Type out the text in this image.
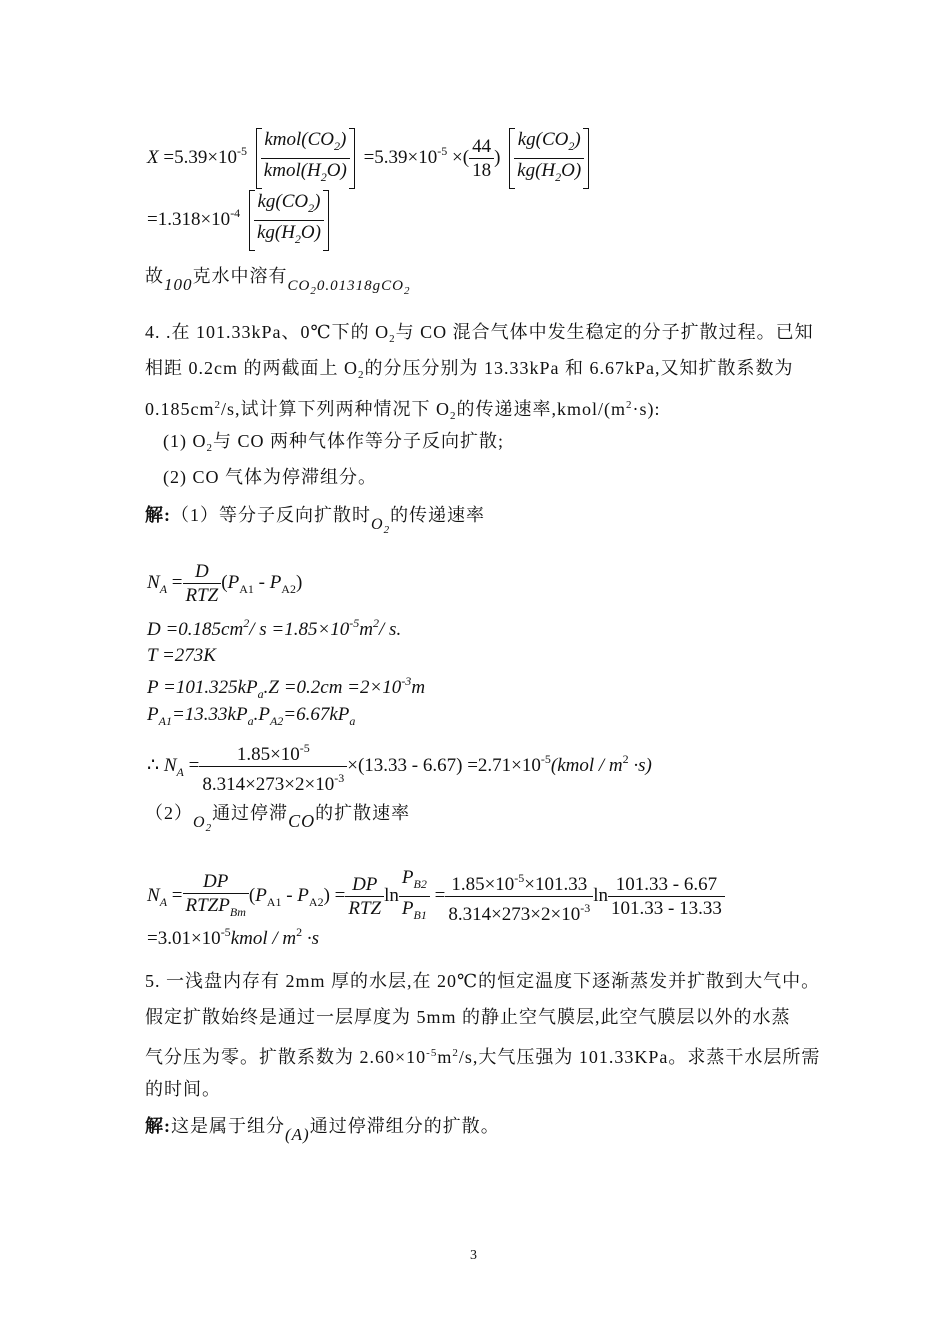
$X =5.39\times 10^{-5} \frac{kmol(CO_2)}{kmol(H_2O)} =5.39\times 10^{-5}$ ×( $\frac{44}{18}$ ) $\frac{kg(CO_2)}{kg(H_2O)}$
$=1.318\times 10^{-4} \frac{kg(CO_2)}{kg(H_2O)}$
故100克水中溶有$_{CO_20.01318gCO_2}$
4. .在 101.33kPa、0℃下的 $O_2$与 CO 混合气体中发生稳定的分子扩散过程。已知
相距 0.2cm 的两截面上 $O_2$的分压分别为 13.33kPa 和 6.67kPa,又知扩散系数为
$0.185cm^2/s$,试计算下列两种情况下 $O_2$的传递速率$,kmol/(m^2\cdot s)$:
(1) $O_2$与 CO 两种气体作等分子反向扩散;
(2) CO 气体为停滞组分。
解:（1）等分子反向扩散时$O_2$的传递速率
$N_A = \frac{D}{\text{RTZ}} (P_{A1} - P_{A2})$
$D =0.185cm^2/$ $s =1.85\times 10^{-5}m^2/$ s.
T =273K
$P =101.325kP_a.Z =0.2cm =2\times 10^{-3}m$
$P_{A1}=13.33kP_a.P_{A2}=6.67kP_a$
∴ $N_A = \frac{1.85\times 10^{-5}}{8.314\times 273\times 2\times 10^{-3}} \times(13.33 - 6.67)$ $=2.71\times 10^{-5}(kmol / m^2 \cdot s)$
$(2)O_2$通过停滞CO的扩散速率
$N_A = \frac{DP}{RTZP_{Bm}} (P_{A1} - P_{A2}) = \frac{DP}{\text{RTZ}}$ $\ln \frac{P_{B2}}{P_{B1}} = \frac{1.85\times 10^{-5}\times 101.33}{8.314\times 273\times 2\times 10^{-3}}$ $\ln \frac{101.33 - 6.67}{101.33 - 13.33}$
$=3.01\times 10^{-5}kmol / m^2 \cdot s$
5. 一浅盘内存有 2mm 厚的水层,在 20℃的恒定温度下逐渐蒸发并扩散到大气中。
假定扩散始终是通过一层厚度为 5mm 的静止空气膜层,此空气膜层以外的水蒸
气分压为零。扩散系数为 $2.60\times 10^{-5}m^2/s$,大气压强为 101.33KPa。求蒸干水层所需
的时间。
解:这是属于组分(A)通过停滞组分的扩散。
3
